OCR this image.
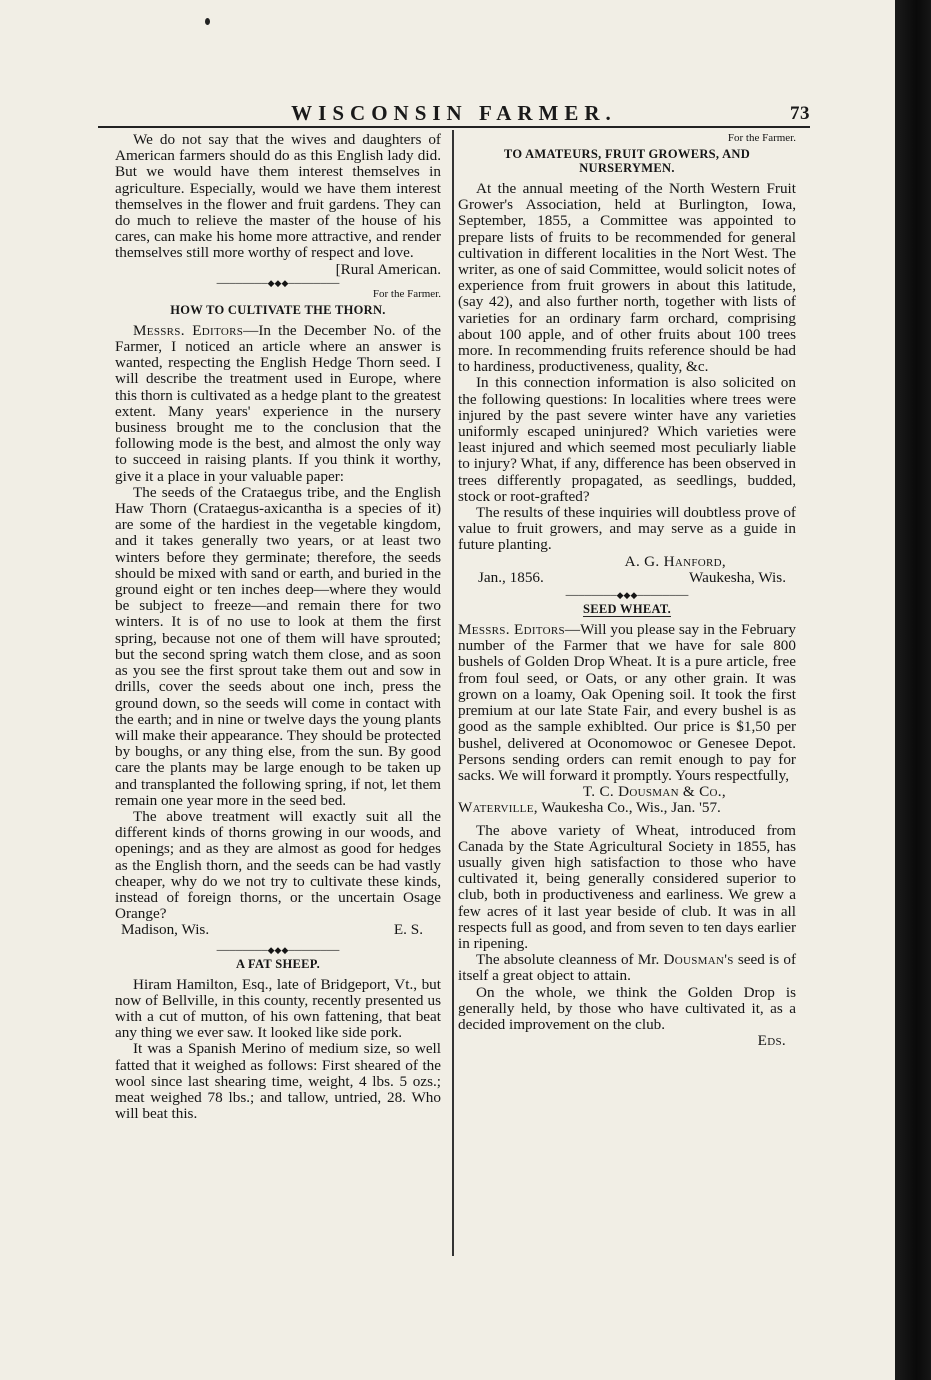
WISCONSIN FARMER.	73

We do not say that the wives and daughters of American farmers should do as this English lady did. But we would have them interest themselves in agriculture. Especially, would we have them interest themselves in the flower and fruit gardens. They can do much to relieve the master of the house of his cares, can make his home more attractive, and render themselves still more worthy of respect and love.

[Rural American.

──────── ◆◆◆ ────────

For the Farmer.

HOW TO CULTIVATE THE THORN.

Messrs. Editors—In the December No. of the Farmer, I noticed an article where an answer is wanted, respecting the English Hedge Thorn seed. I will describe the treatment used in Europe, where this thorn is cultivated as a hedge plant to the greatest extent. Many years' experience in the nursery business brought me to the conclusion that the following mode is the best, and almost the only way to succeed in raising plants. If you think it worthy, give it a place in your valuable paper:

The seeds of the Crataegus tribe, and the English Haw Thorn (Crataegus-axicantha is a species of it) are some of the hardiest in the vegetable kingdom, and it takes generally two years, or at least two winters before they germinate; therefore, the seeds should be mixed with sand or earth, and buried in the ground eight or ten inches deep—where they would be subject to freeze—and remain there for two winters. It is of no use to look at them the first spring, because not one of them will have sprouted; but the second spring watch them close, and as soon as you see the first sprout take them out and sow in drills, cover the seeds about one inch, press the ground down, so the seeds will come in contact with the earth; and in nine or twelve days the young plants will make their appearance. They should be protected by boughs, or any thing else, from the sun. By good care the plants may be large enough to be taken up and transplanted the following spring, if not, let them remain one year more in the seed bed.

The above treatment will exactly suit all the different kinds of thorns growing in our woods, and openings; and as they are almost as good for hedges as the English thorn, and the seeds can be had vastly cheaper, why do we not try to cultivate these kinds, instead of foreign thorns, or the uncertain Osage Orange?

Madison, Wis.	E. S.
──────── ◆◆◆ ────────
A FAT SHEEP.

Hiram Hamilton, Esq., late of Bridgeport, Vt., but now of Bellville, in this county, recently presented us with a cut of mutton, of his own fattening, that beat any thing we ever saw. It looked like side pork.

It was a Spanish Merino of medium size, so well fatted that it weighed as follows: First sheared of the wool since last shearing time, weight, 4 lbs. 5 ozs.; meat weighed 78 lbs.; and tallow, untried, 28. Who will beat this.

For the Farmer.

TO AMATEURS, FRUIT GROWERS, AND NURSERYMEN.

At the annual meeting of the North Western Fruit Grower's Association, held at Burlington, Iowa, September, 1855, a Committee was appointed to prepare lists of fruits to be recommended for general cultivation in different localities in the Nort West. The writer, as one of said Committee, would solicit notes of experience from fruit growers in about this latitude, (say 42), and also further north, together with lists of varieties for an ordinary farm orchard, comprising about 100 apple, and of other fruits about 100 trees more. In recommending fruits reference should be had to hardiness, productiveness, quality, &c.

In this connection information is also solicited on the following questions: In localities where trees were injured by the past severe winter have any varieties uniformly escaped uninjured? Which varieties were least injured and which seemed most peculiarly liable to injury? What, if any, difference has been observed in trees differently propagated, as seedlings, budded, stock or root-grafted?

The results of these inquiries will doubtless prove of value to fruit growers, and may serve as a guide in future planting.

A. G. Hanford,

Jan., 1856.	Waukesha, Wis.
──────── ◆◆◆ ────────
SEED WHEAT.

Messrs. Editors—Will you please say in the February number of the Farmer that we have for sale 800 bushels of Golden Drop Wheat. It is a pure article, free from foul seed, or Oats, or any other grain. It was grown on a loamy, Oak Opening soil. It took the first premium at our late State Fair, and every bushel is as good as the sample exhiblted. Our price is $1,50 per bushel, delivered at Oconomowoc or Genesee Depot. Persons sending orders can remit enough to pay for sacks. We will forward it promptly. Yours respectfully,

T. C. Dousman & Co.,

Waterville, Waukesha Co., Wis., Jan. '57.

The above variety of Wheat, introduced from Canada by the State Agricultural Society in 1855, has usually given high satisfaction to those who have cultivated it, being generally considered superior to club, both in productiveness and earliness. We grew a few acres of it last year beside of club. It was in all respects full as good, and from seven to ten days earlier in ripening.

The absolute cleanness of Mr. Dousman's seed is of itself a great object to attain.

On the whole, we think the Golden Drop is generally held, by those who have cultivated it, as a decided improvement on the club.

Eds.
